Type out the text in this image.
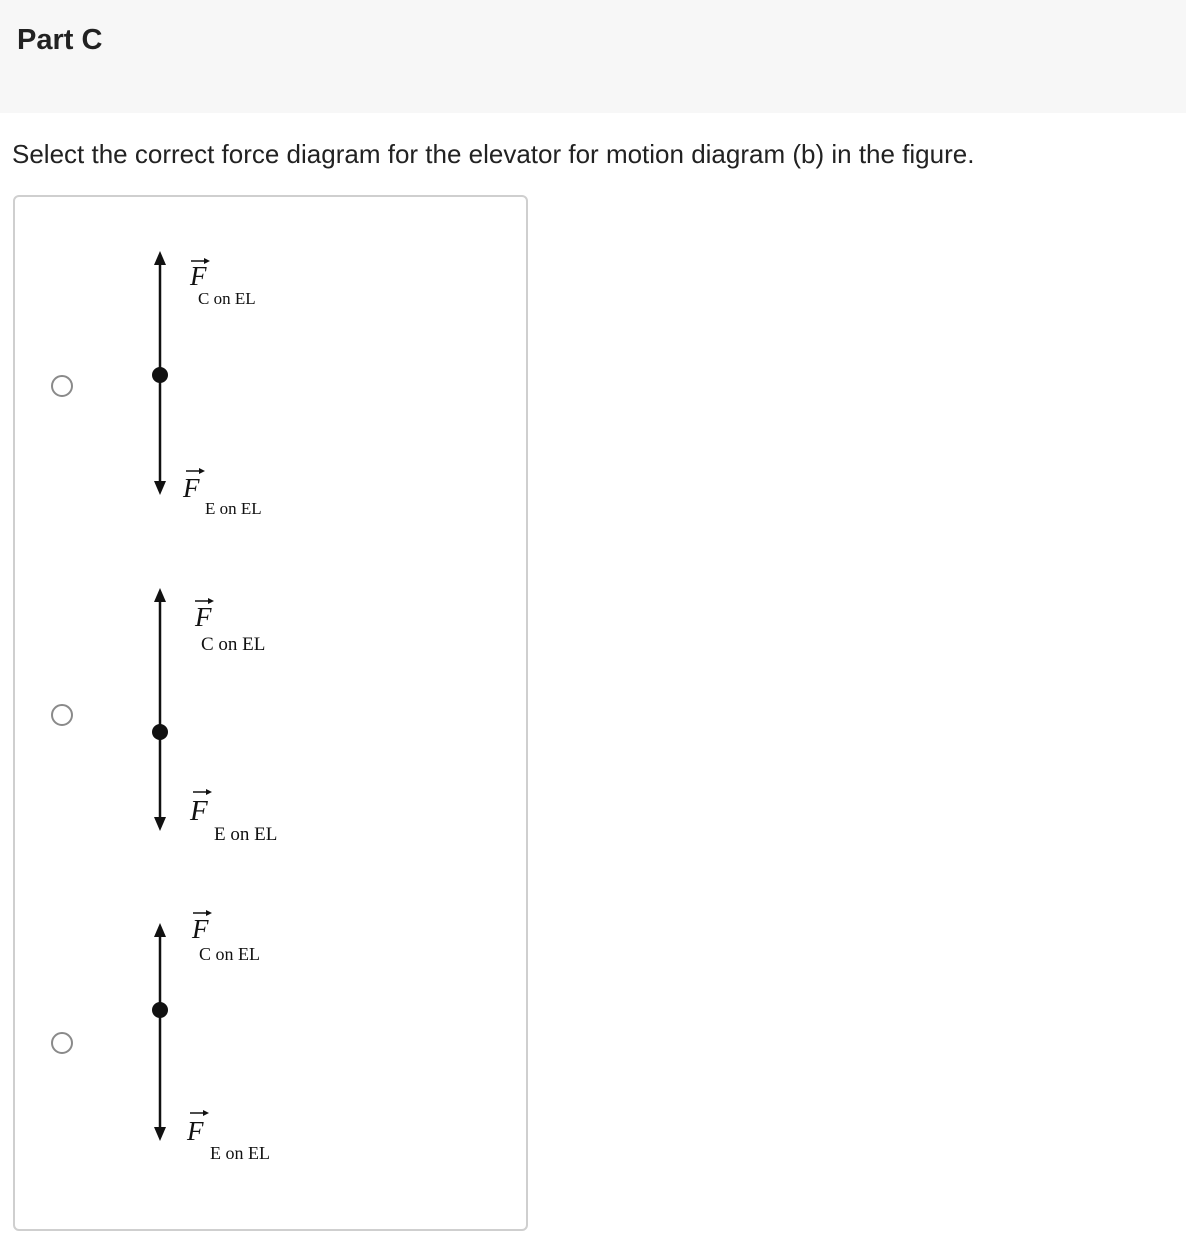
Part C
Select the correct force diagram for the elevator for motion diagram (b) in the figure.
F
C on EL
F
E on EL
F
C on EL
F
E on EL
F
C on EL
F
E on EL
